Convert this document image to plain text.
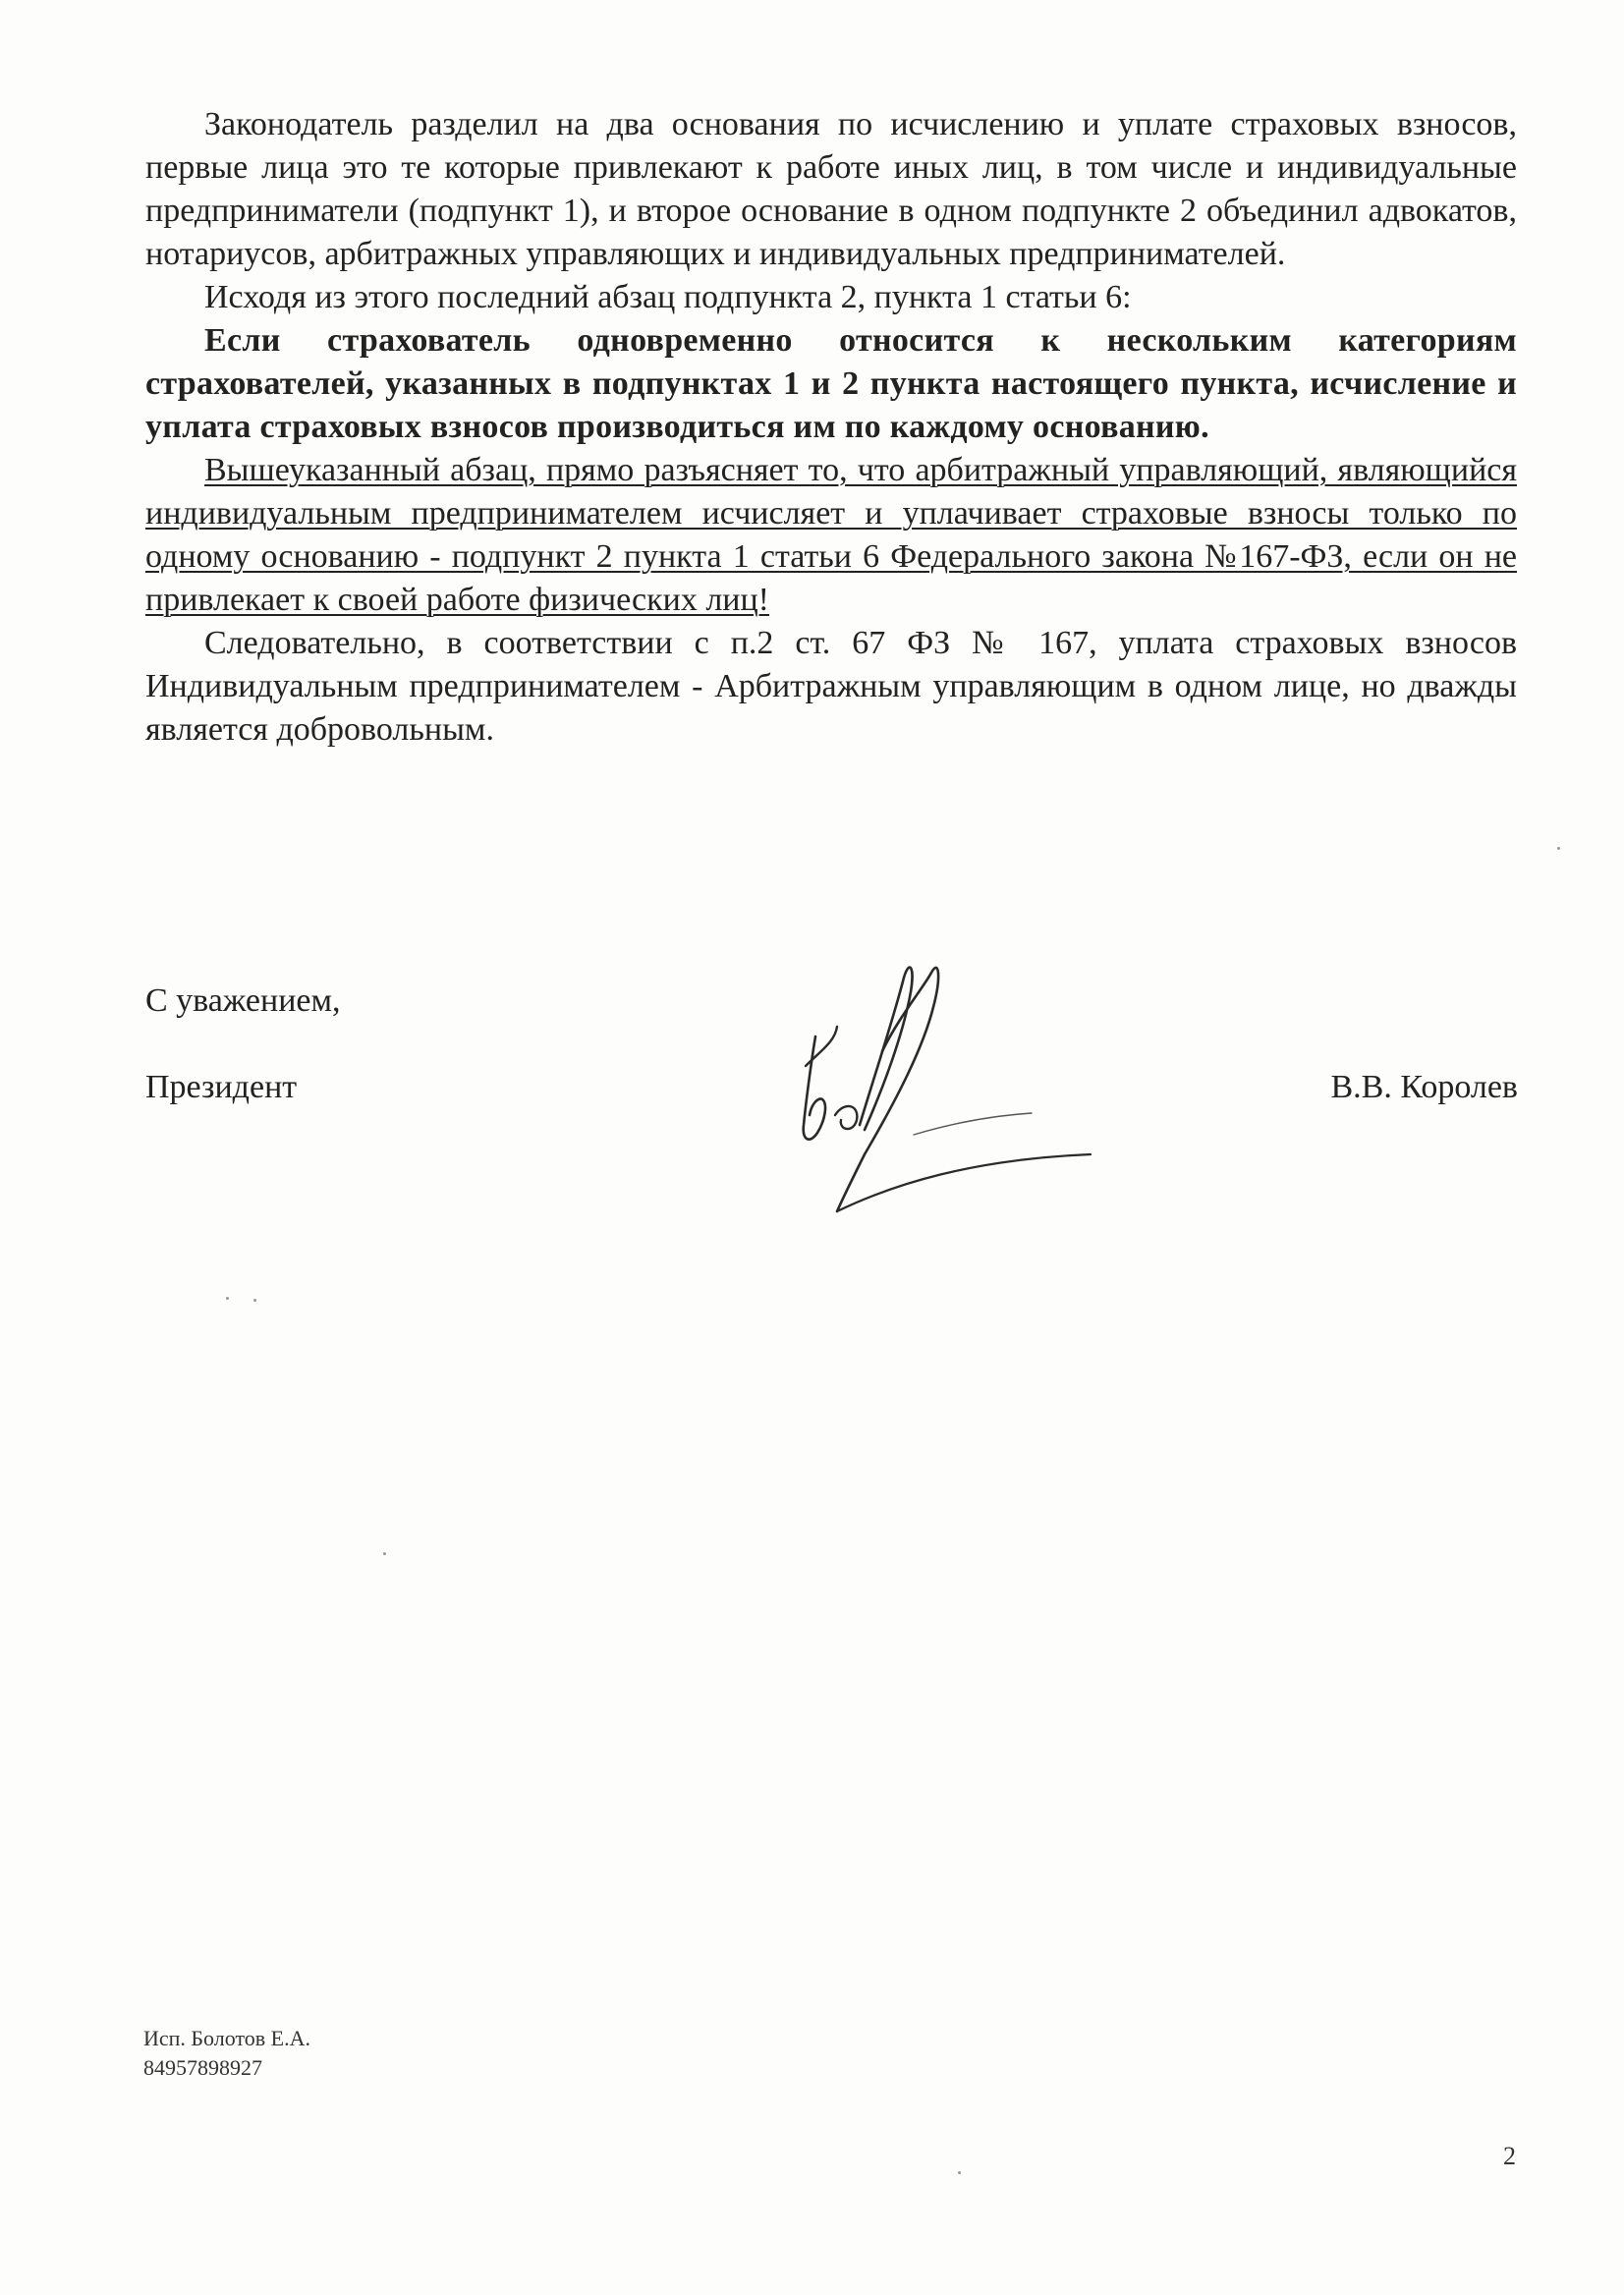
Законодатель разделил на два основания по исчислению и уплате страховых взносов, первые лица это те которые привлекают к работе иных лиц, в том числе и индивидуальные предприниматели (подпункт 1), и второе основание в одном подпункте 2 объединил адвокатов, нотариусов, арбитражных управляющих и индивидуальных предпринимателей.

Исходя из этого последний абзац подпункта 2, пункта 1 статьи 6:

Если страхователь одновременно относится к нескольким категориям страхователей, указанных в подпунктах 1 и 2 пункта настоящего пункта, исчисление и уплата страховых взносов производиться им по каждому основанию.

Вышеуказанный абзац, прямо разъясняет то, что арбитражный управляющий, являющийся индивидуальным предпринимателем исчисляет и уплачивает страховые взносы только по одному основанию - подпункт 2 пункта 1 статьи 6 Федерального закона №167-ФЗ, если он не привлекает к своей работе физических лиц!

Следовательно, в соответствии с п.2 ст. 67 ФЗ № 167, уплата страховых взносов Индивидуальным предпринимателем - Арбитражным управляющим в одном лице, но дважды является добровольным.

С уважением,
Президент	В.В. Королев
Исп. Болотов Е.А.
84957898927
2
